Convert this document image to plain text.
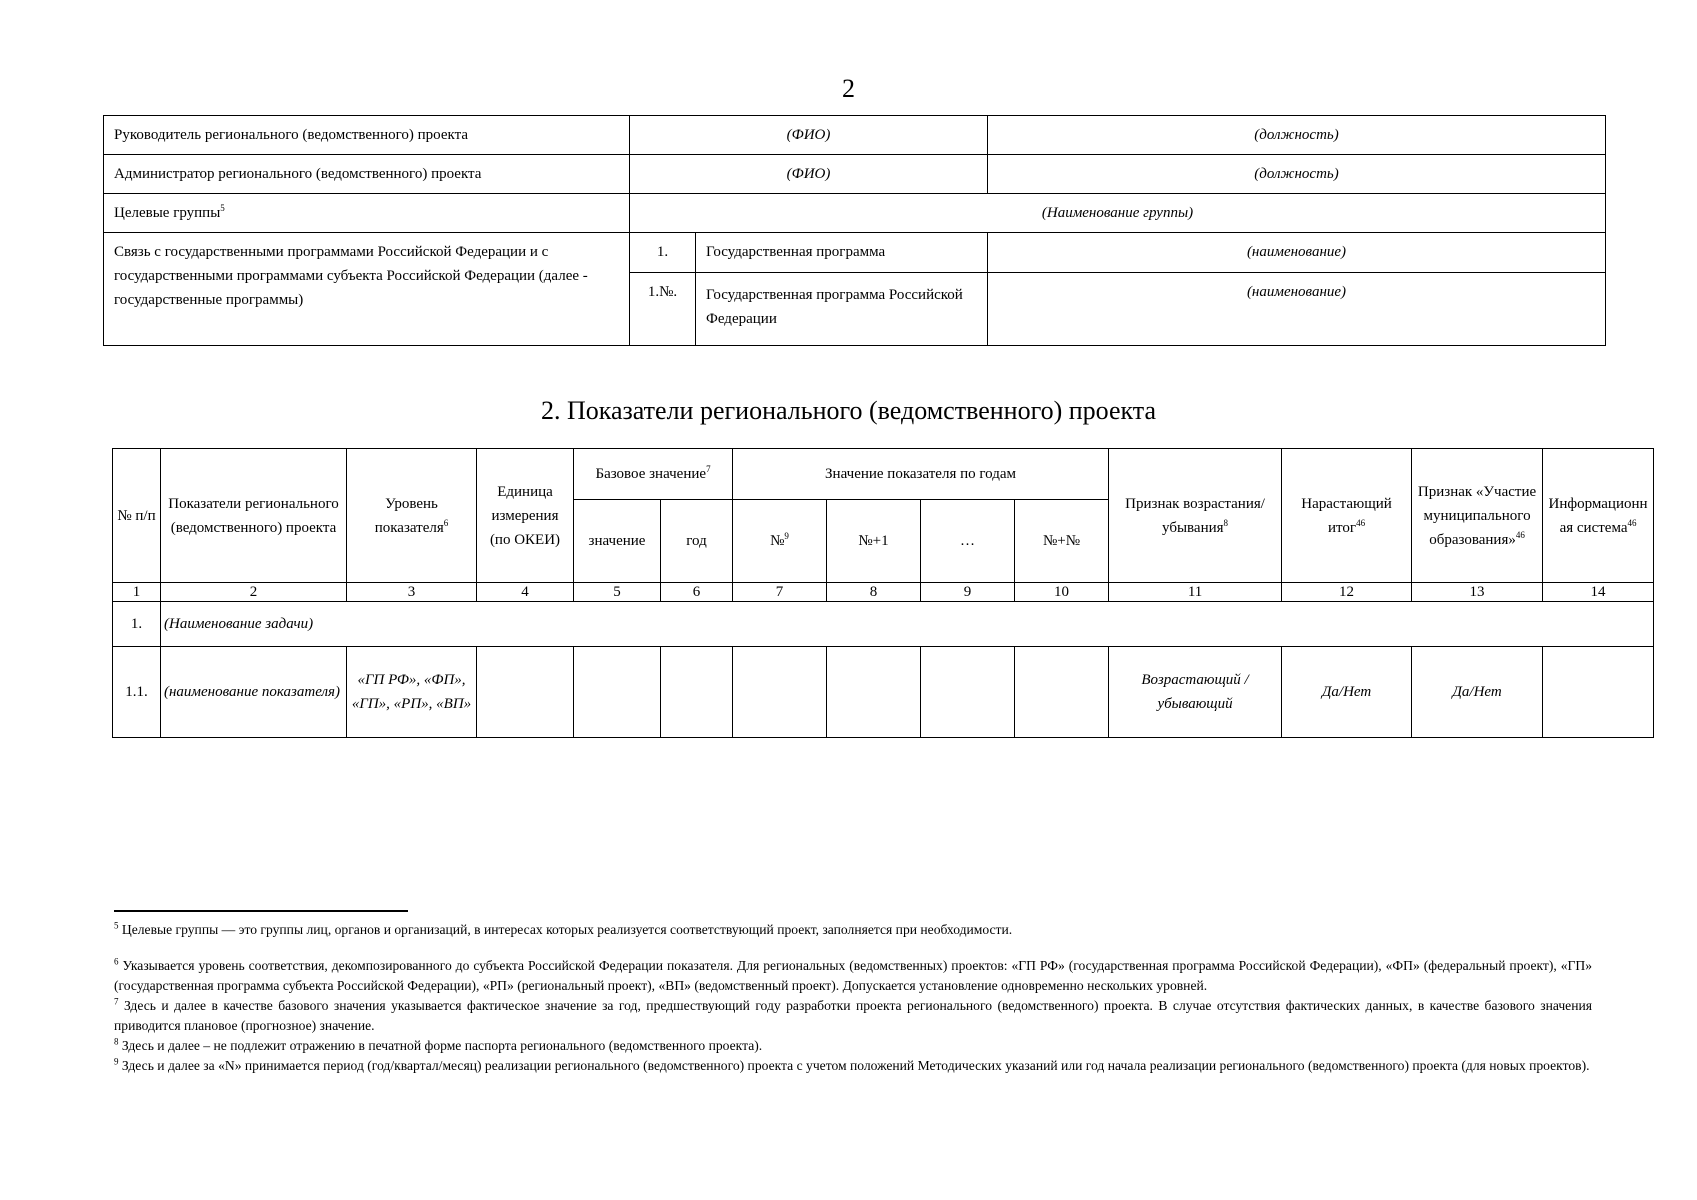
2
Руководитель регионального (ведомственного) проекта	(ФИО)		(должность)
Администратор регионального (ведомственного) проекта	(ФИО)		(должность)
Целевые группы$^5$	(Наименование группы)		
Связь с государственными программами Российской Федерации и с государственными программами субъекта Российской Федерации (далее - государственные программы)	1.	Государственная программа	(наименование)
	1.№.	Государственная программа Российской Федерации	(наименование)
2. Показатели регионального (ведомственного) проекта
№ п/п	Показатели регионального (ведомственного) проекта	Уровень показателя$^6$	Единица измерения (по ОКЕИ)	Базовое значение$^7$		Значение показателя по годам				Признак возрастания/убывания$^8$	Нарастающий итог$^{46}$	Признак «Участие муниципального образования»$^{46}$	Информационная система$^{46}$
				значение	год	№$^9$	№+1	…	№+№				
1	2	3	4	5	6	7	8	9	10	11	12	13	14
1.	(Наименование задачи)												
1.1.	(наименование показателя)	«ГП РФ», «ФП», «ГП», «РП», «ВП»								Возрастающий / убывающий	Да/Нет	Да/Нет	

$^5$ Целевые группы — это группы лиц, органов и организаций, в интересах которых реализуется соответствующий проект, заполняется при необходимости.

$^6$ Указывается уровень соответствия, декомпозированного до субъекта Российской Федерации показателя. Для региональных (ведомственных) проектов: «ГП РФ» (государственная программа Российской Федерации), «ФП» (федеральный проект), «ГП» (государственная программа субъекта Российской Федерации), «РП» (региональный проект), «ВП» (ведомственный проект). Допускается установление одновременно нескольких уровней.

$^7$ Здесь и далее в качестве базового значения указывается фактическое значение за год, предшествующий году разработки проекта регионального (ведомственного) проекта. В случае отсутствия фактических данных, в качестве базового значения приводится плановое (прогнозное) значение.

$^8$ Здесь и далее – не подлежит отражению в печатной форме паспорта регионального (ведомственного проекта).

$^9$ Здесь и далее за «N» принимается период (год/квартал/месяц) реализации регионального (ведомственного) проекта с учетом положений Методических указаний или год начала реализации регионального (ведомственного) проекта (для новых проектов).
